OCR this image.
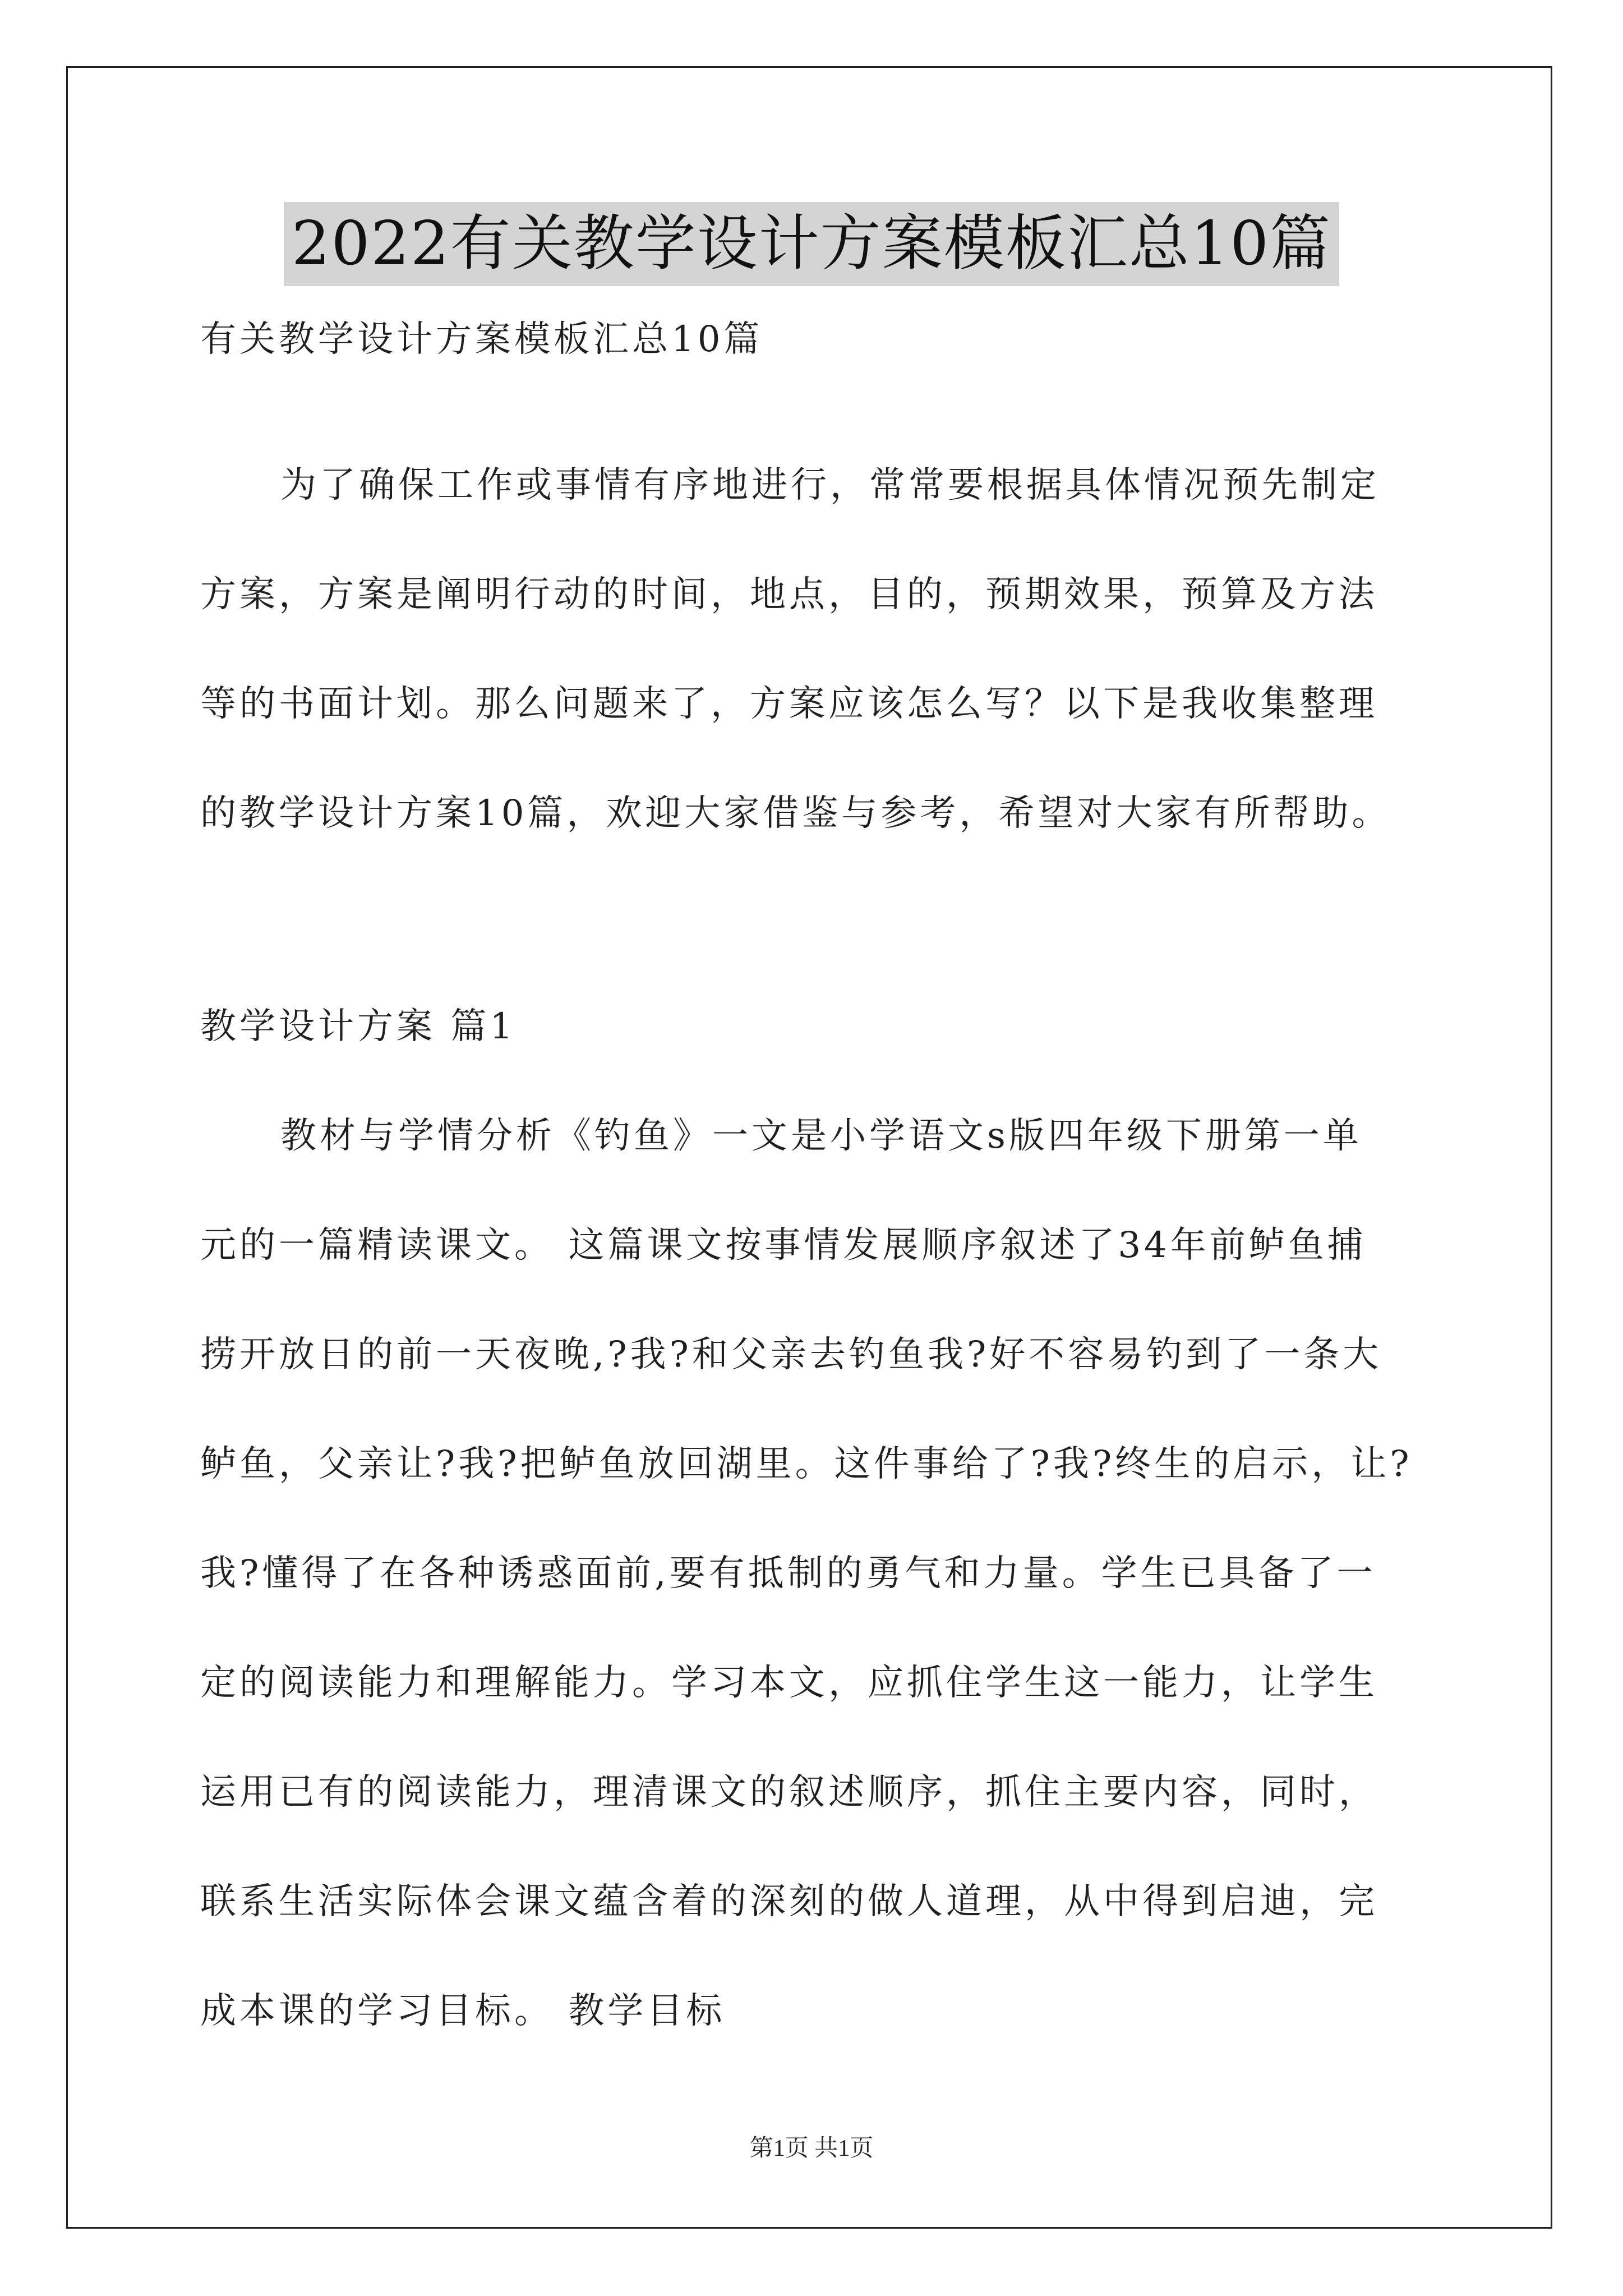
2022有关教学设计方案模板汇总10篇
有关教学设计方案模板汇总10篇
为了确保工作或事情有序地进行，常常要根据具体情况预先制定
方案，方案是阐明行动的时间，地点，目的，预期效果，预算及方法
等的书面计划。那么问题来了，方案应该怎么写？以下是我收集整理
的教学设计方案10篇，欢迎大家借鉴与参考，希望对大家有所帮助。
教学设计方案 篇1
教材与学情分析《钓鱼》一文是小学语文s版四年级下册第一单
元的一篇精读课文。 这篇课文按事情发展顺序叙述了34年前鲈鱼捕
捞开放日的前一天夜晚,?我?和父亲去钓鱼我?好不容易钓到了一条大
鲈鱼，父亲让?我?把鲈鱼放回湖里。这件事给了?我?终生的启示，让?
我?懂得了在各种诱惑面前,要有抵制的勇气和力量。学生已具备了一
定的阅读能力和理解能力。学习本文，应抓住学生这一能力，让学生
运用已有的阅读能力，理清课文的叙述顺序，抓住主要内容，同时，
联系生活实际体会课文蕴含着的深刻的做人道理，从中得到启迪，完
成本课的学习目标。 教学目标
第1页 共1页
